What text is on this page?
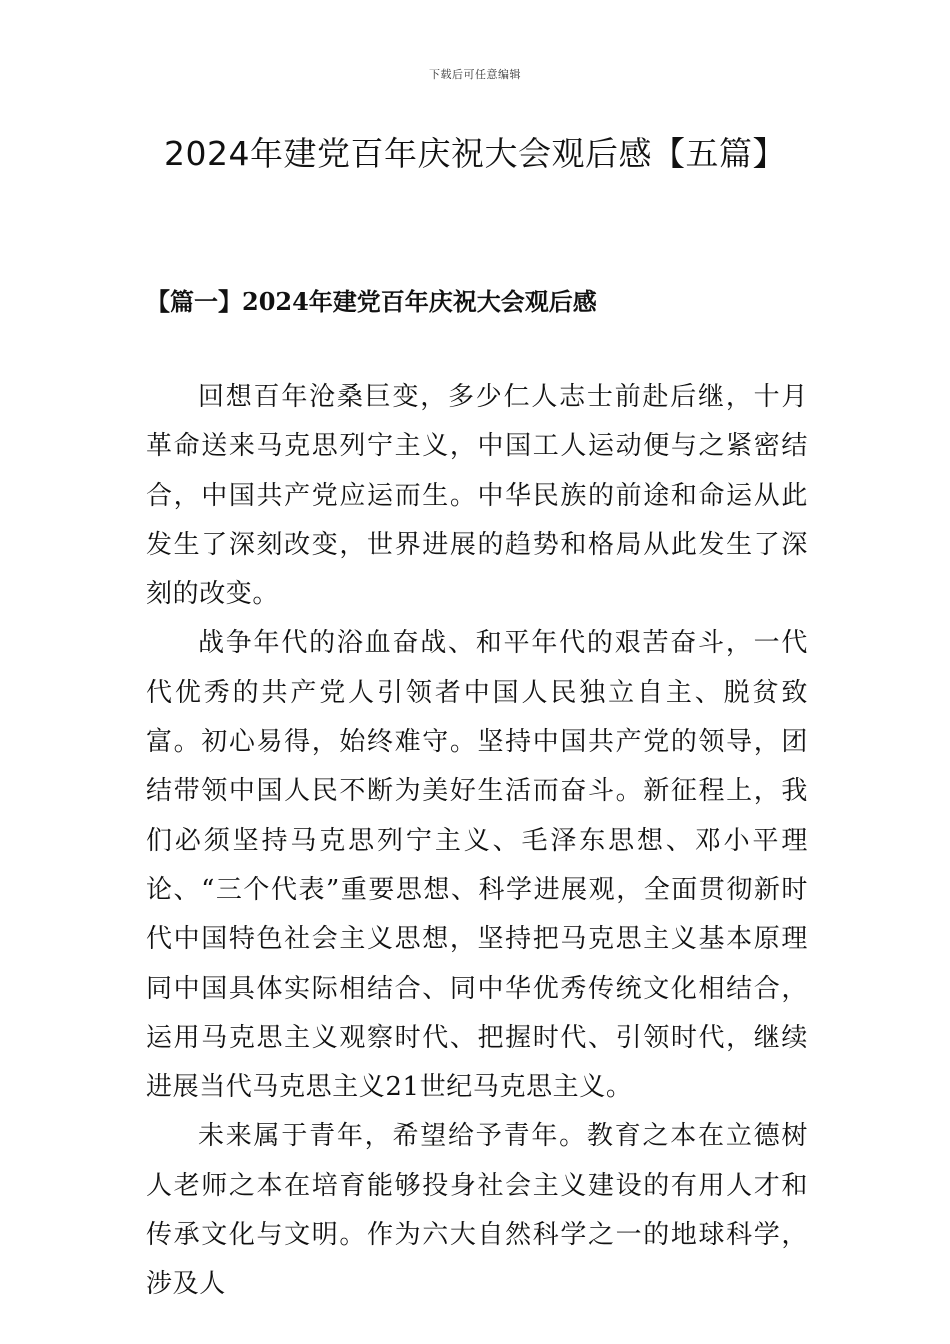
下载后可任意编辑
2024年建党百年庆祝大会观后感【五篇】
【篇一】2024年建党百年庆祝大会观后感

回想百年沧桑巨变，多少仁人志士前赴后继，十月革命送来马克思列宁主义，中国工人运动便与之紧密结合，中国共产党应运而生。中华民族的前途和命运从此发生了深刻改变，世界进展的趋势和格局从此发生了深刻的改变。

战争年代的浴血奋战、和平年代的艰苦奋斗，一代代优秀的共产党人引领者中国人民独立自主、脱贫致富。初心易得，始终难守。坚持中国共产党的领导，团结带领中国人民不断为美好生活而奋斗。新征程上，我们必须坚持马克思列宁主义、毛泽东思想、邓小平理论、“三个代表”重要思想、科学进展观，全面贯彻新时代中国特色社会主义思想，坚持把马克思主义基本原理同中国具体实际相结合、同中华优秀传统文化相结合，运用马克思主义观察时代、把握时代、引领时代，继续进展当代马克思主义21世纪马克思主义。

未来属于青年，希望给予青年。教育之本在立德树人老师之本在培育能够投身社会主义建设的有用人才和传承文化与文明。作为六大自然科学之一的地球科学，涉及人
